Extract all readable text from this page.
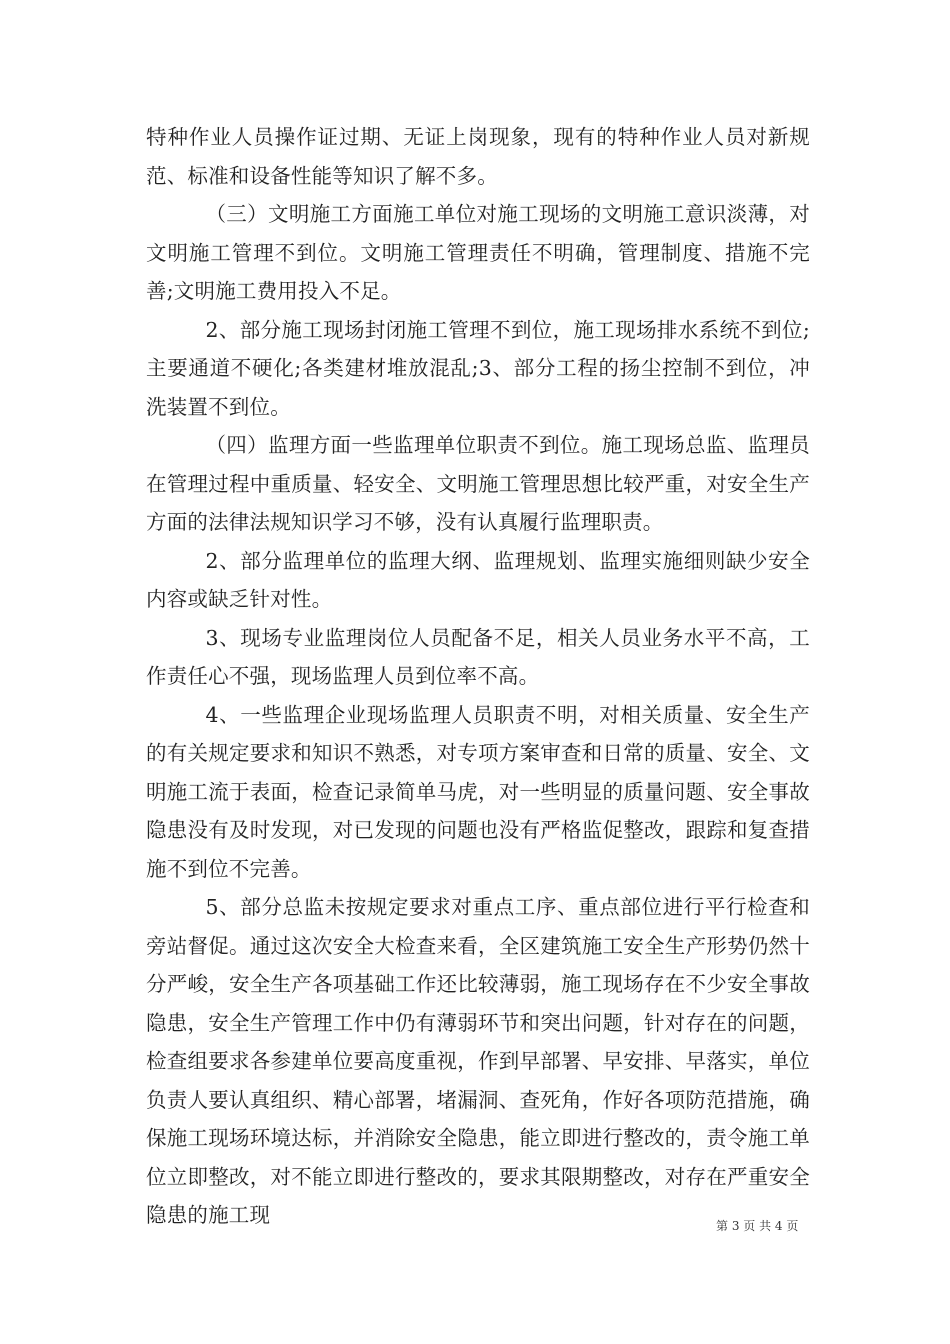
特种作业人员操作证过期、无证上岗现象，现有的特种作业人员对新规范、标准和设备性能等知识了解不多。

（三）文明施工方面施工单位对施工现场的文明施工意识淡薄，对文明施工管理不到位。文明施工管理责任不明确，管理制度、措施不完善;文明施工费用投入不足。

2、部分施工现场封闭施工管理不到位，施工现场排水系统不到位;主要通道不硬化;各类建材堆放混乱;3、部分工程的扬尘控制不到位，冲洗装置不到位。

（四）监理方面一些监理单位职责不到位。施工现场总监、监理员在管理过程中重质量、轻安全、文明施工管理思想比较严重，对安全生产方面的法律法规知识学习不够，没有认真履行监理职责。

2、部分监理单位的监理大纲、监理规划、监理实施细则缺少安全内容或缺乏针对性。

3、现场专业监理岗位人员配备不足，相关人员业务水平不高，工作责任心不强，现场监理人员到位率不高。

4、一些监理企业现场监理人员职责不明，对相关质量、安全生产的有关规定要求和知识不熟悉，对专项方案审查和日常的质量、安全、文明施工流于表面，检查记录简单马虎，对一些明显的质量问题、安全事故隐患没有及时发现，对已发现的问题也没有严格监促整改，跟踪和复查措施不到位不完善。

5、部分总监未按规定要求对重点工序、重点部位进行平行检查和旁站督促。通过这次安全大检查来看，全区建筑施工安全生产形势仍然十分严峻，安全生产各项基础工作还比较薄弱，施工现场存在不少安全事故隐患，安全生产管理工作中仍有薄弱环节和突出问题，针对存在的问题，检查组要求各参建单位要高度重视，作到早部署、早安排、早落实，单位负责人要认真组织、精心部署，堵漏洞、查死角，作好各项防范措施，确保施工现场环境达标，并消除安全隐患，能立即进行整改的，责令施工单位立即整改，对不能立即进行整改的，要求其限期整改，对存在严重安全隐患的施工现	第 3 页 共 4 页
